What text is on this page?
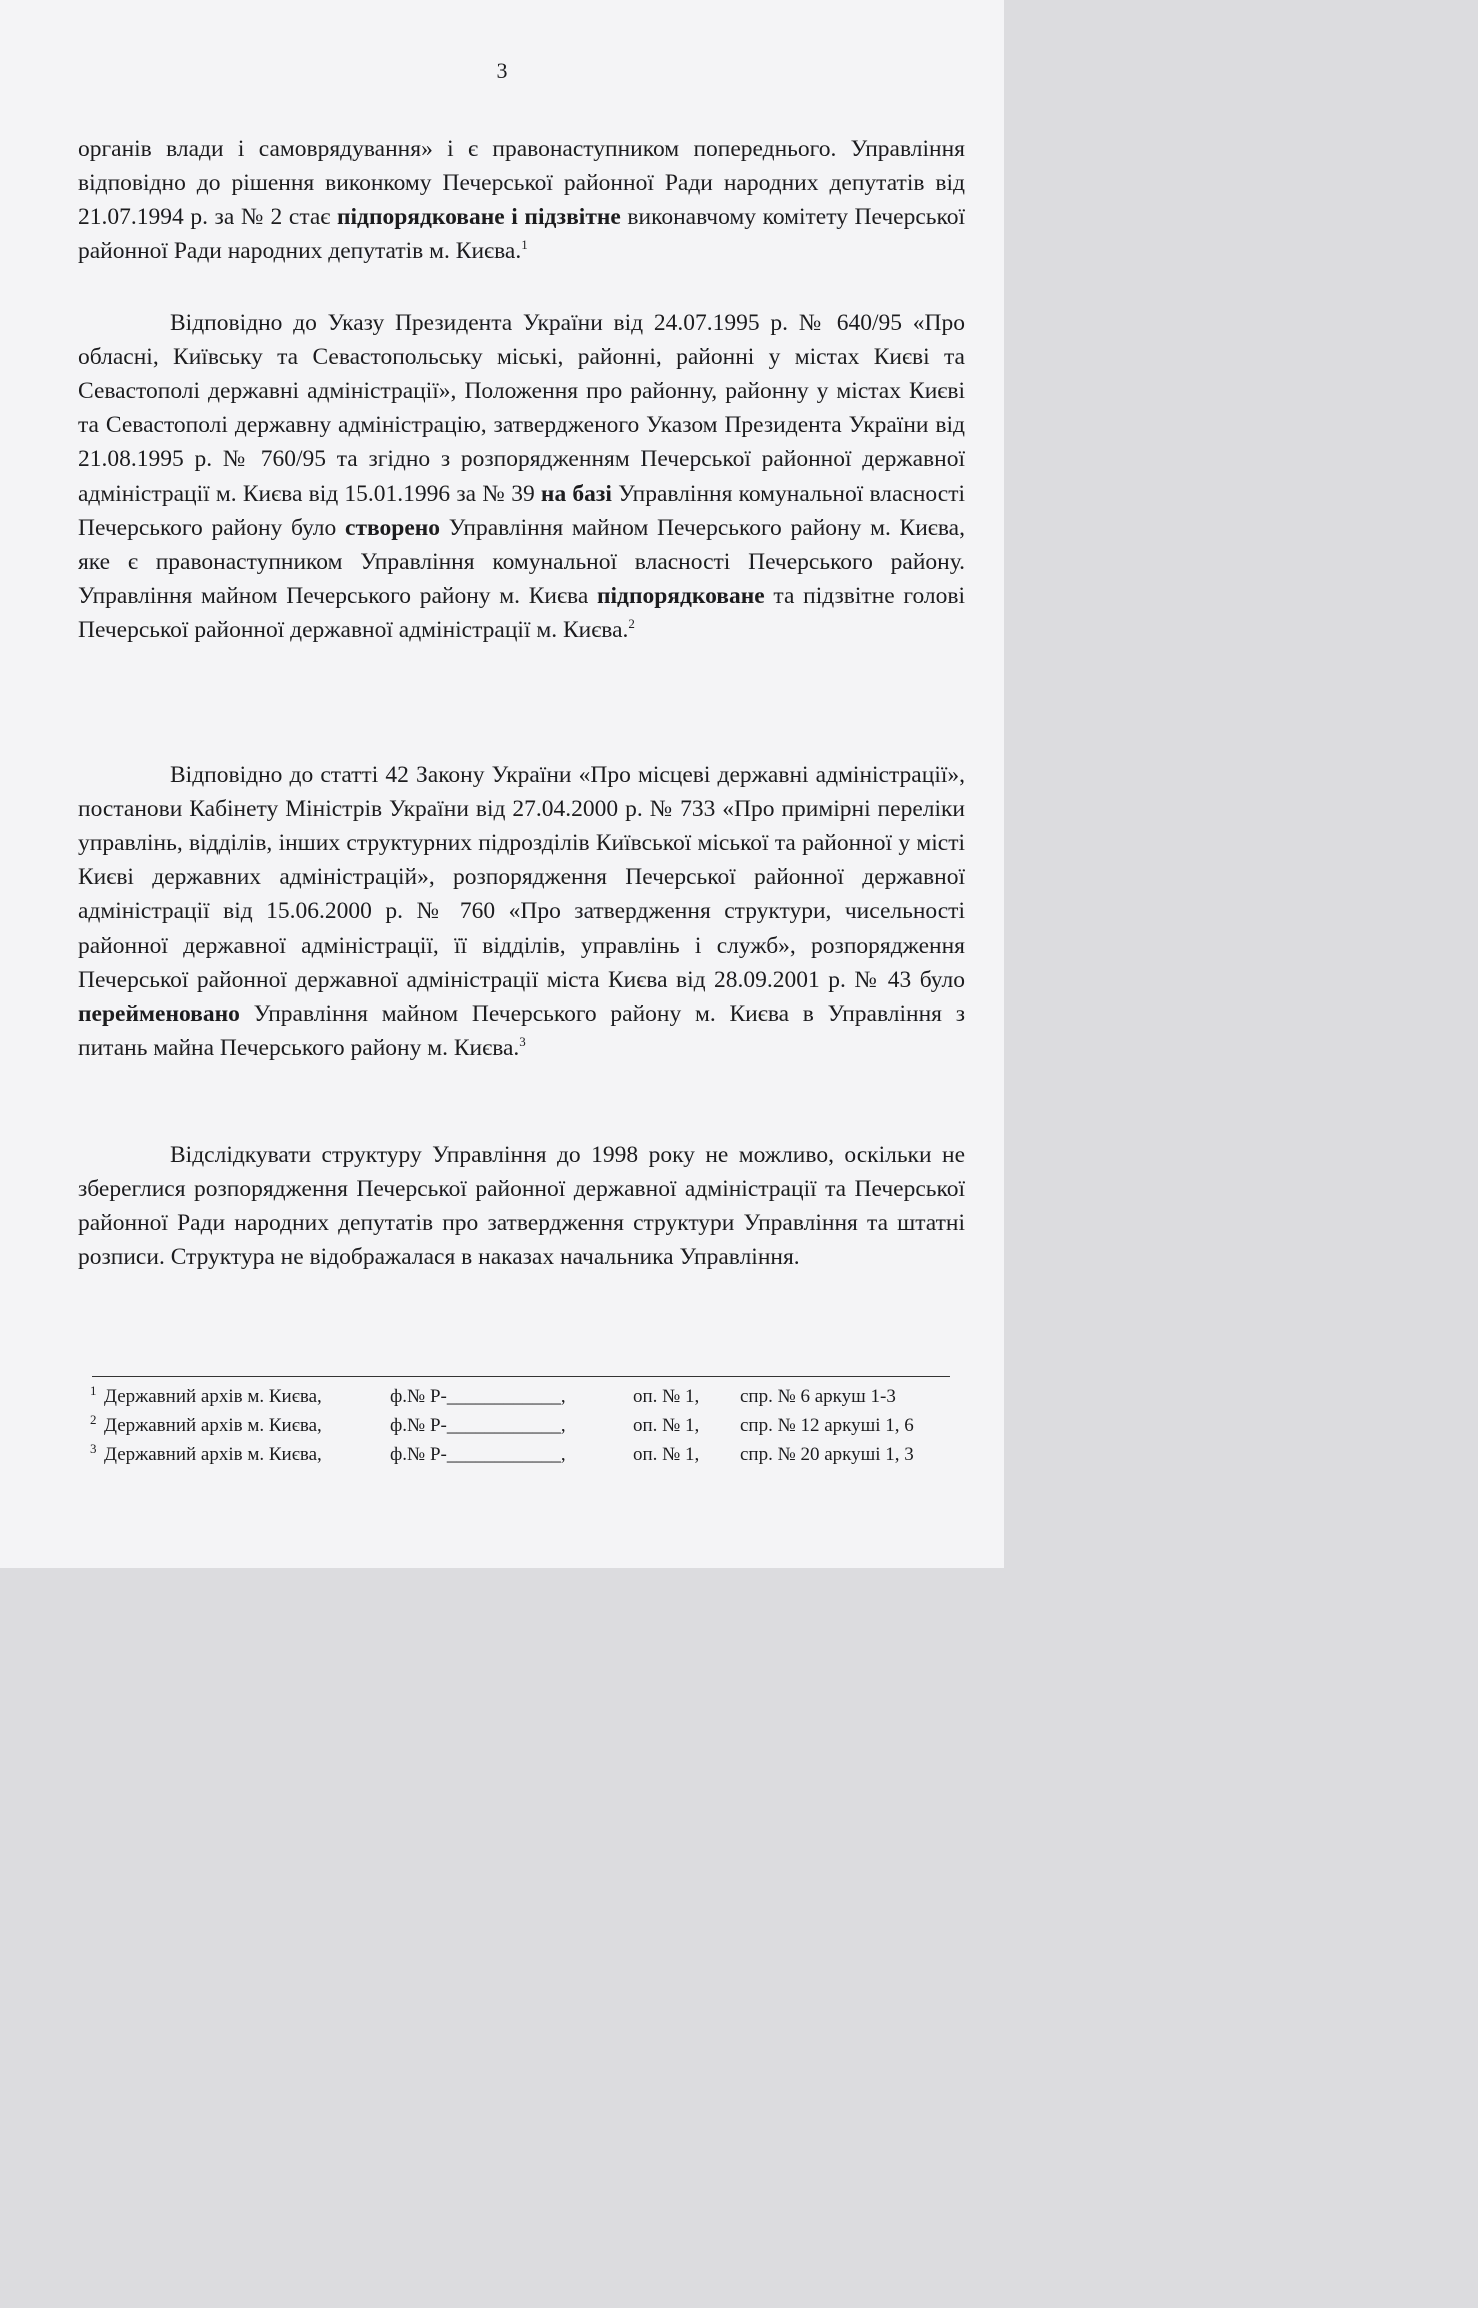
3

органів влади і самоврядування» і є правонаступником попереднього. Управління відповідно до рішення виконкому Печерської районної Ради народних депутатів від 21.07.1994 р. за № 2 стає підпорядковане і підзвітне виконавчому комітету Печерської районної Ради народних депутатів м. Києва.$^1$

Відповідно до Указу Президента України від 24.07.1995 р. № 640/95 «Про обласні, Київську та Севастопольську міські, районні, районні у містах Києві та Севастополі державні адміністрації», Положення про районну, районну у містах Києві та Севастополі державну адміністрацію, затвердженого Указом Президента України від 21.08.1995 р. № 760/95 та згідно з розпорядженням Печерської районної державної адміністрації м. Києва від 15.01.1996 за № 39 на базі Управління комунальної власності Печерського району було створено Управління майном Печерського району м. Києва, яке є правонаступником Управління комунальної власності Печерського району. Управління майном Печерського району м. Києва підпорядковане та підзвітне голові Печерської районної державної адміністрації м. Києва.$^2$

Відповідно до статті 42 Закону України «Про місцеві державні адміністрації», постанови Кабінету Міністрів України від 27.04.2000 р. № 733 «Про примірні переліки управлінь, відділів, інших структурних підрозділів Київської міської та районної у місті Києві державних адміністрацій», розпорядження Печерської районної державної адміністрації від 15.06.2000 р. № 760 «Про затвердження структури, чисельності районної державної адміністрації, її відділів, управлінь і служб», розпорядження Печерської районної державної адміністрації міста Києва від 28.09.2001 р. № 43 було перейменовано Управління майном Печерського району м. Києва в Управління з питань майна Печерського району м. Києва.$^3$

Відслідкувати структуру Управління до 1998 року не можливо, оскільки не збереглися розпорядження Печерської районної державної адміністрації та Печерської районної Ради народних депутатів про затвердження структури Управління та штатні розписи. Структура не відображалася в наказах начальника Управління.

1 Державний архів м. Києва,	ф.№ Р-____________,	оп. № 1, спр. № 6 аркуш 1-3
2 Державний архів м. Києва,	ф.№ Р-____________,	оп. № 1, спр. № 12 аркуші 1, 6
3 Державний архів м. Києва,	ф.№ Р-____________,	оп. № 1, спр. № 20 аркуші 1, 3
